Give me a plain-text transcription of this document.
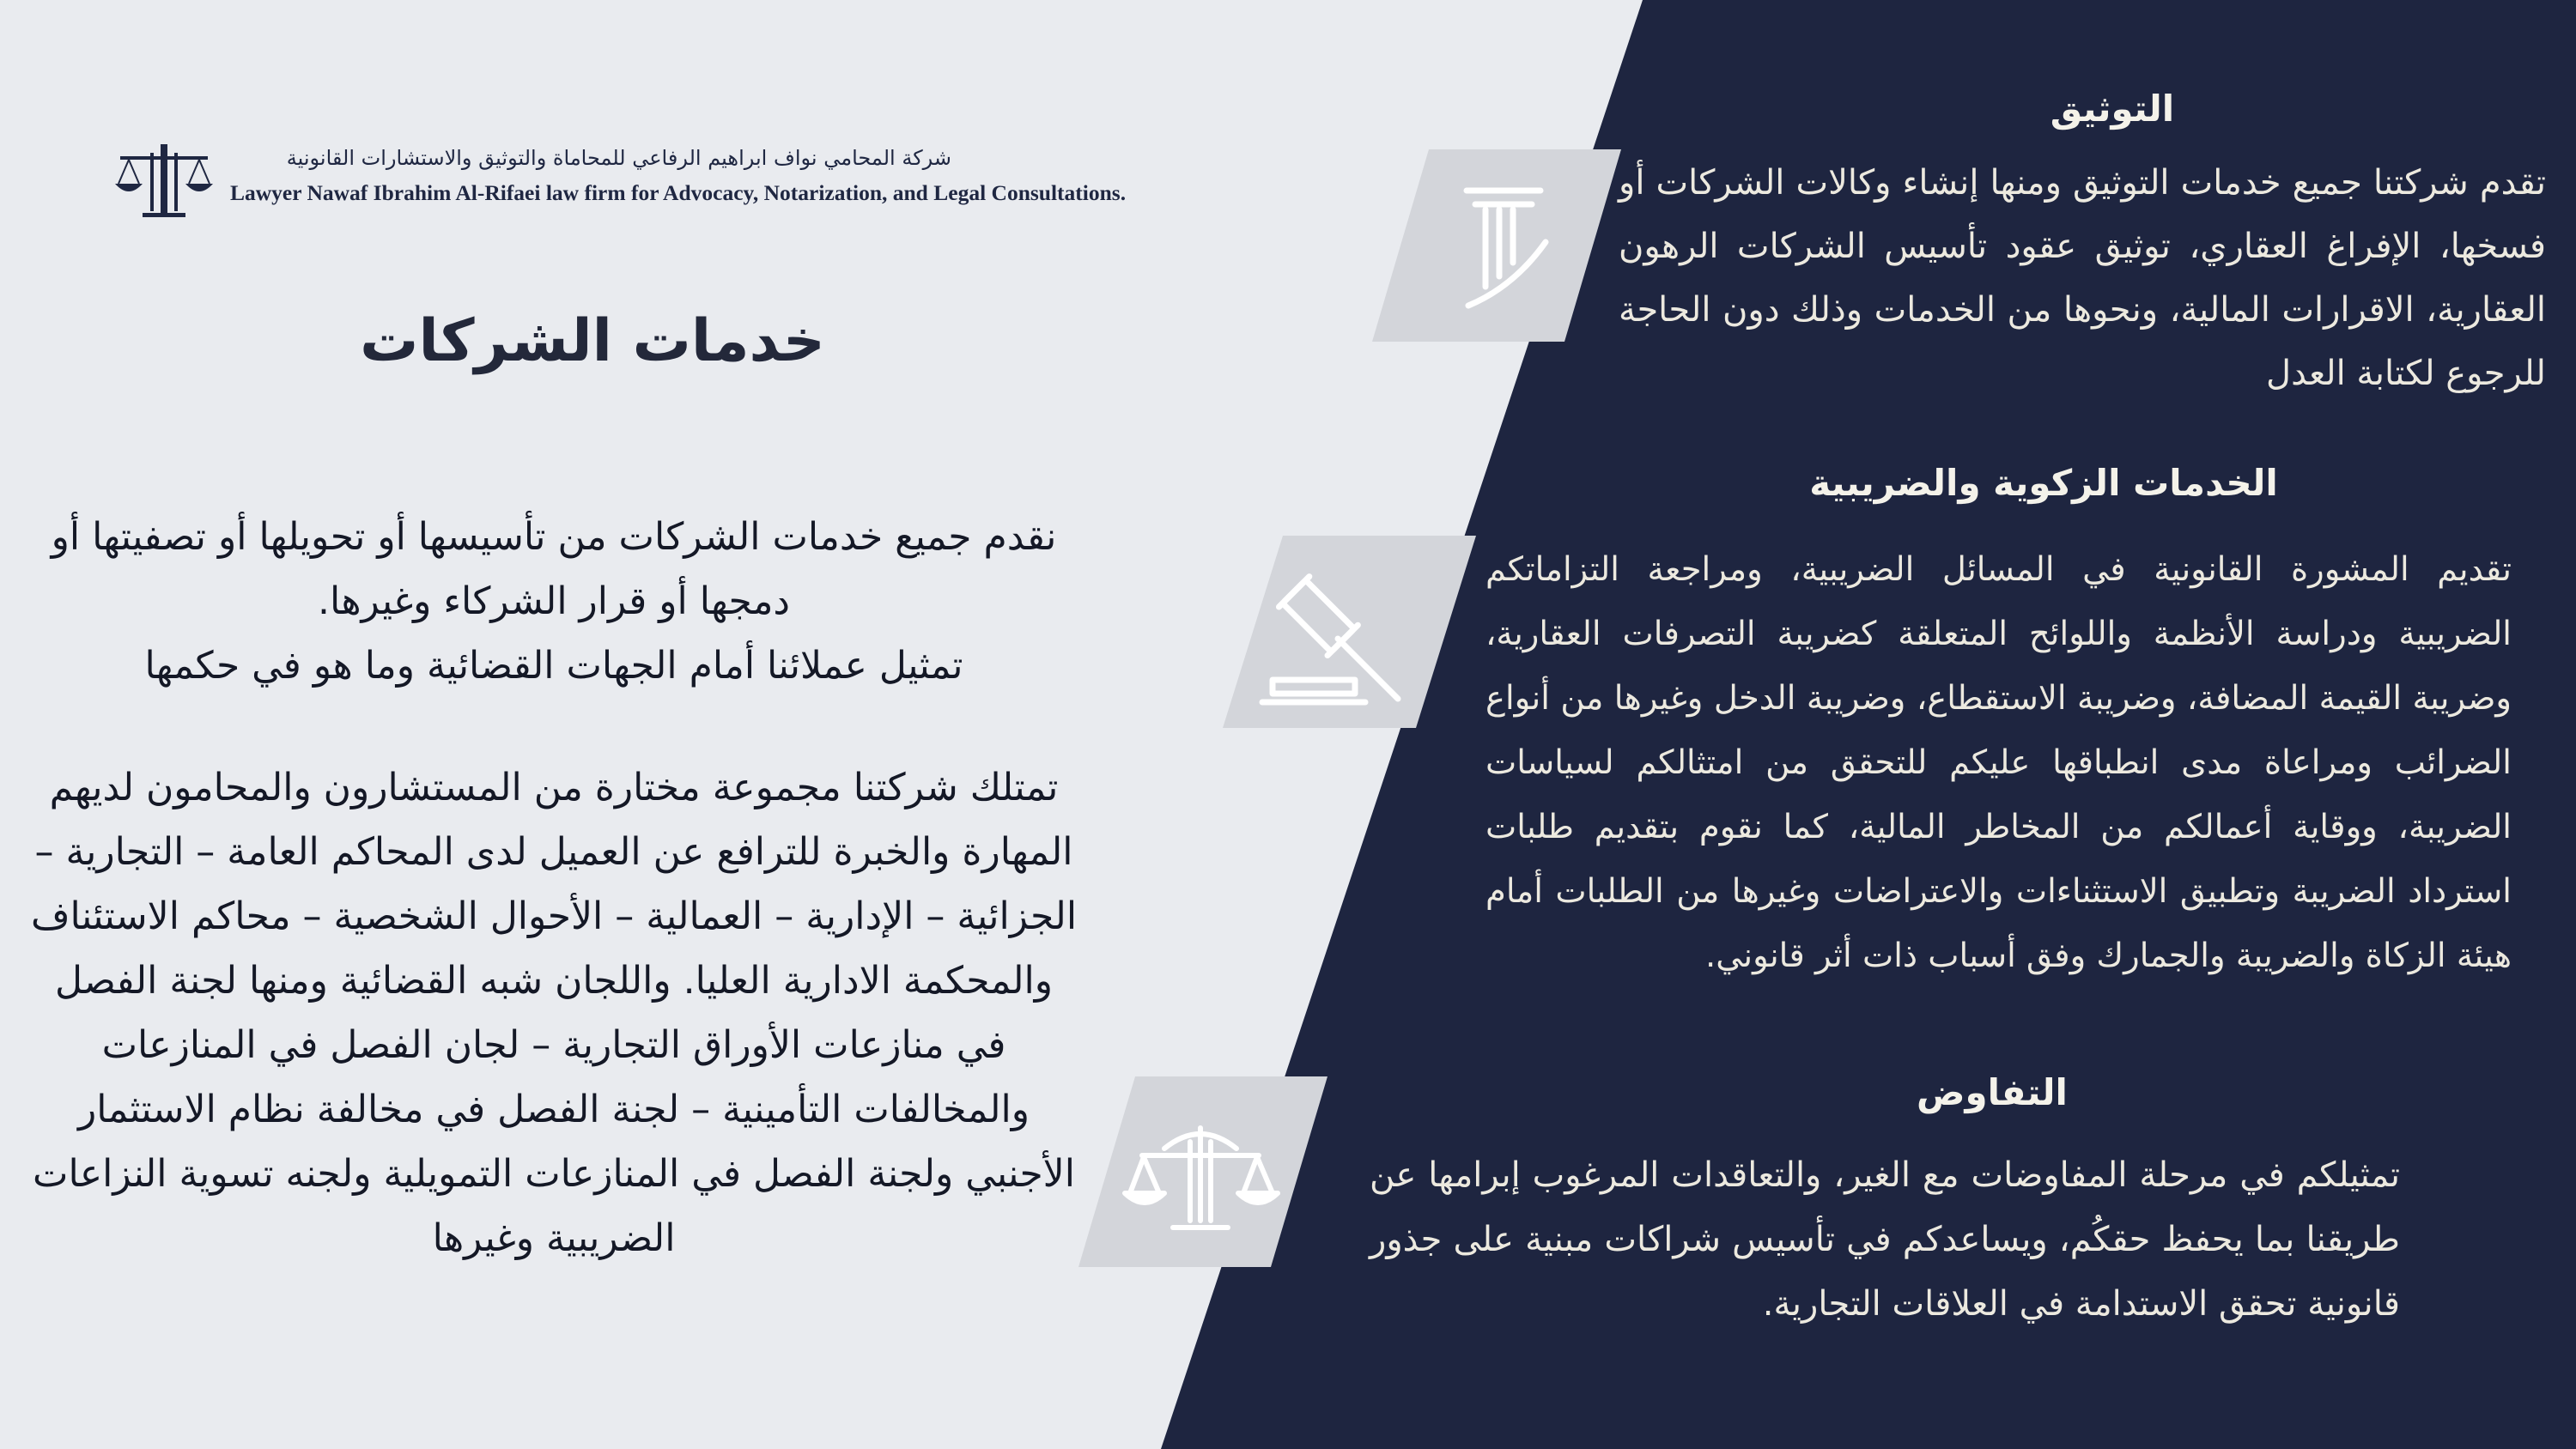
شركة المحامي نواف ابراهيم الرفاعي للمحاماة والتوثيق والاستشارات القانونية
Lawyer Nawaf Ibrahim Al-Rifaei law firm for Advocacy, Notarization, and Legal Consultations.
خدمات الشركات
نقدم جميع خدمات الشركات من تأسيسها أو تحويلها أو تصفيتها أو دمجها أو قرار الشركاء وغيرها.
تمثيل عملائنا أمام الجهات القضائية وما هو في حكمها
تمتلك شركتنا مجموعة مختارة من المستشارون والمحامون لديهم المهارة والخبرة للترافع عن العميل لدى المحاكم العامة – التجارية – الجزائية – الإدارية – العمالية – الأحوال الشخصية – محاكم الاستئناف والمحكمة الادارية العليا. واللجان شبه القضائية ومنها لجنة الفصل في منازعات الأوراق التجارية – لجان الفصل في المنازعات والمخالفات التأمينية – لجنة الفصل في مخالفة نظام الاستثمار الأجنبي ولجنة الفصل في المنازعات التمويلية ولجنه تسوية النزاعات الضريبية وغيرها
التوثيق
تقدم شركتنا جميع خدمات التوثيق ومنها إنشاء وكالات الشركات أو فسخها، الإفراغ العقاري، توثيق عقود تأسيس الشركات الرهون العقارية، الاقرارات المالية، ونحوها من الخدمات وذلك دون الحاجة للرجوع لكتابة العدل
الخدمات الزكوية والضريبية
تقديم المشورة القانونية في المسائل الضريبية، ومراجعة التزاماتكم الضريبية ودراسة الأنظمة واللوائح المتعلقة كضريبة التصرفات العقارية، وضريبة القيمة المضافة، وضريبة الاستقطاع، وضريبة الدخل وغيرها من أنواع الضرائب ومراعاة مدى انطباقها عليكم للتحقق من امتثالكم لسياسات الضريبة، ووقاية أعمالكم من المخاطر المالية، كما نقوم بتقديم طلبات استرداد الضريبة وتطبيق الاستثناءات والاعتراضات وغيرها من الطلبات أمام هيئة الزكاة والضريبة والجمارك وفق أسباب ذات أثر قانوني.
التفاوض
تمثيلكم في مرحلة المفاوضات مع الغير، والتعاقدات المرغوب إبرامها عن طريقنا بما يحفظ حقكُم، ويساعدكم في تأسيس شراكات مبنية على جذور قانونية تحقق الاستدامة في العلاقات التجارية.
